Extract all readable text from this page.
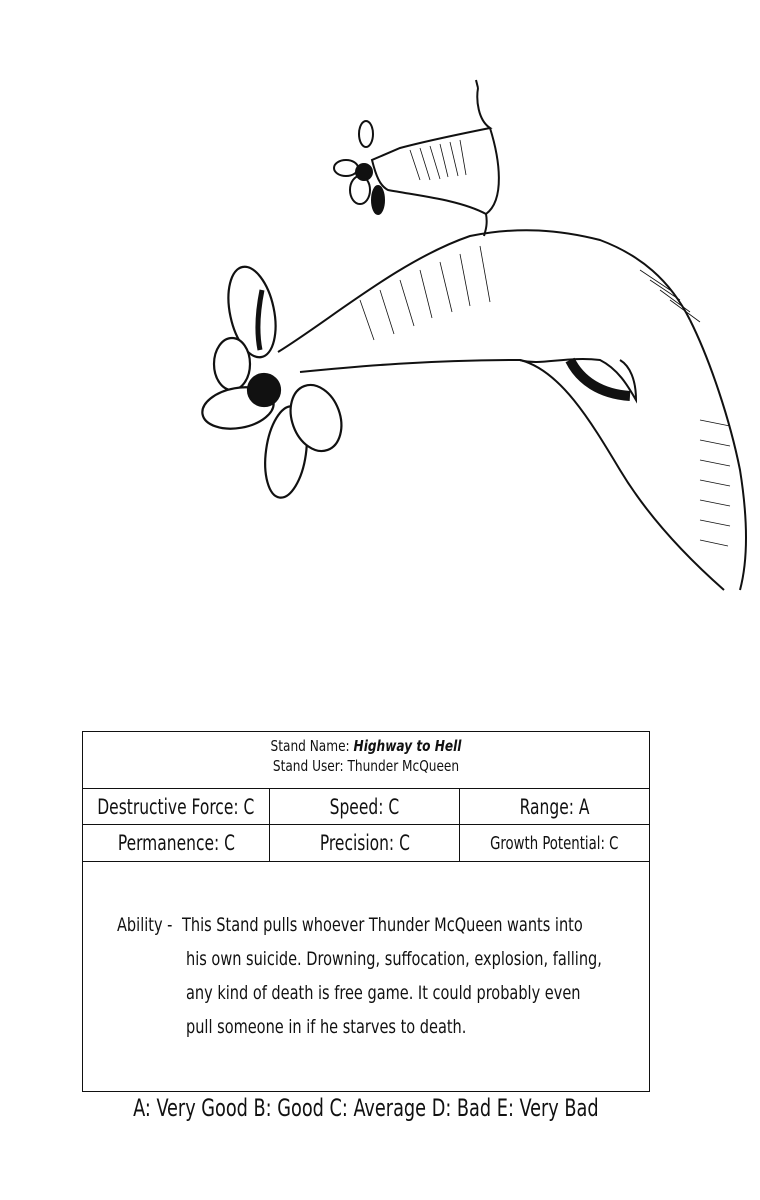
Stand Name: Highway to Hell
Stand User: Thunder McQueen
Destructive Force: C	Speed: C	Range: A
Permanence: C	Precision: C	Growth Potential: C
Ability - This Stand pulls whoever Thunder McQueen wants into
his own suicide. Drowning, suffocation, explosion, falling,
any kind of death is free game. It could probably even
pull someone in if he starves to death.
A: Very Good B: Good C: Average D: Bad E: Very Bad
